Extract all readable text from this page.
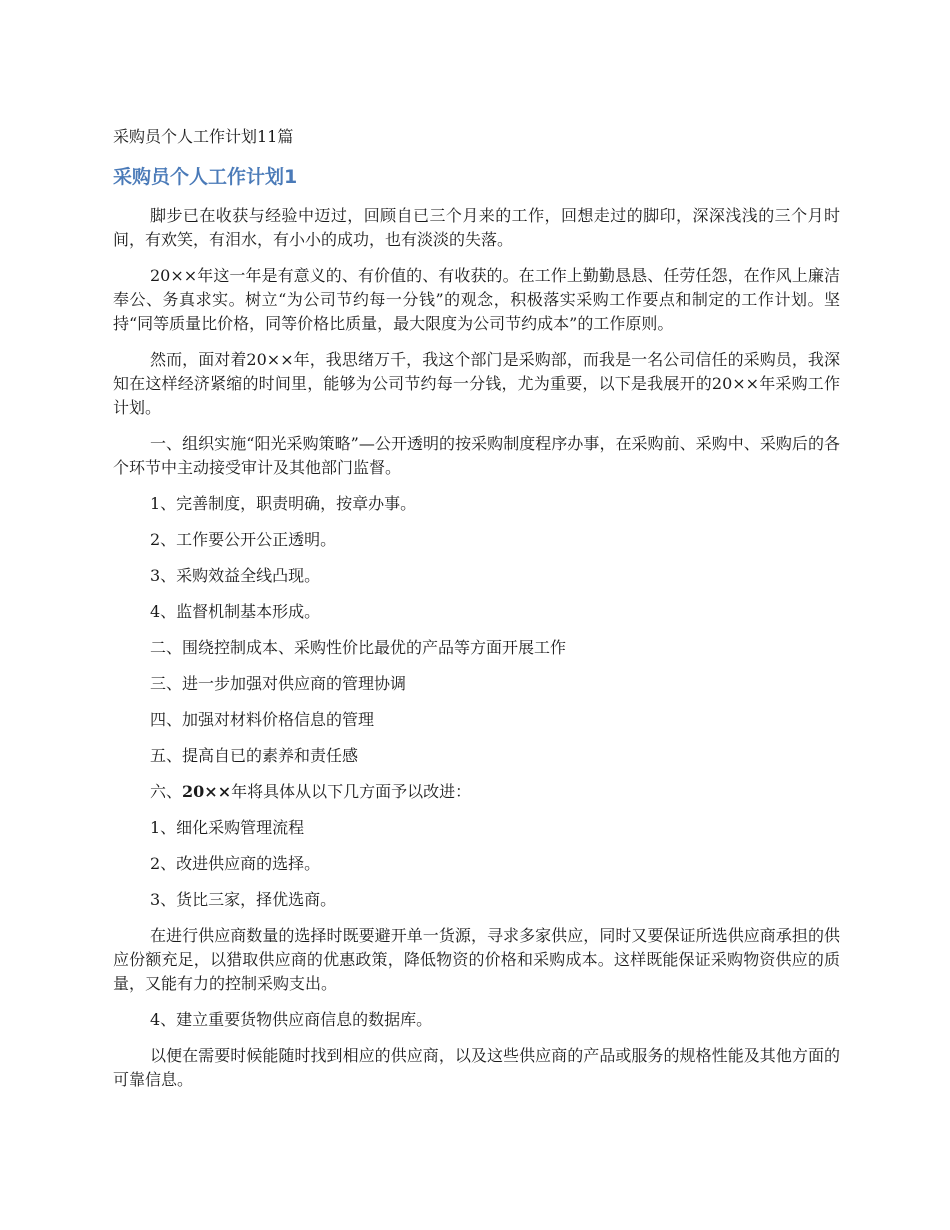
采购员个人工作计划11篇
采购员个人工作计划1

脚步已在收获与经验中迈过，回顾自已三个月来的工作，回想走过的脚印，深深浅浅的三个月时间，有欢笑，有泪水，有小小的成功，也有淡淡的失落。

20××年这一年是有意义的、有价值的、有收获的。在工作上勤勤恳恳、任劳任怨，在作风上廉洁奉公、务真求实。树立“为公司节约每一分钱”的观念，积极落实采购工作要点和制定的工作计划。坚持“同等质量比价格，同等价格比质量，最大限度为公司节约成本”的工作原则。

然而，面对着20××年，我思绪万千，我这个部门是采购部，而我是一名公司信任的采购员，我深知在这样经济紧缩的时间里，能够为公司节约每一分钱，尤为重要，以下是我展开的20××年采购工作计划。

一、组织实施“阳光采购策略”—公开透明的按采购制度程序办事，在采购前、采购中、采购后的各个环节中主动接受审计及其他部门监督。

1、完善制度，职责明确，按章办事。

2、工作要公开公正透明。

3、采购效益全线凸现。

4、监督机制基本形成。

二、围绕控制成本、采购性价比最优的产品等方面开展工作

三、进一步加强对供应商的管理协调

四、加强对材料价格信息的管理

五、提高自已的素养和责任感

六、20××年将具体从以下几方面予以改进：

1、细化采购管理流程

2、改进供应商的选择。

3、货比三家，择优选商。

在进行供应商数量的选择时既要避开单一货源，寻求多家供应，同时又要保证所选供应商承担的供应份额充足，以猎取供应商的优惠政策，降低物资的价格和采购成本。这样既能保证采购物资供应的质量，又能有力的控制采购支出。

4、建立重要货物供应商信息的数据库。

以便在需要时候能随时找到相应的供应商，以及这些供应商的产品或服务的规格性能及其他方面的可靠信息。
